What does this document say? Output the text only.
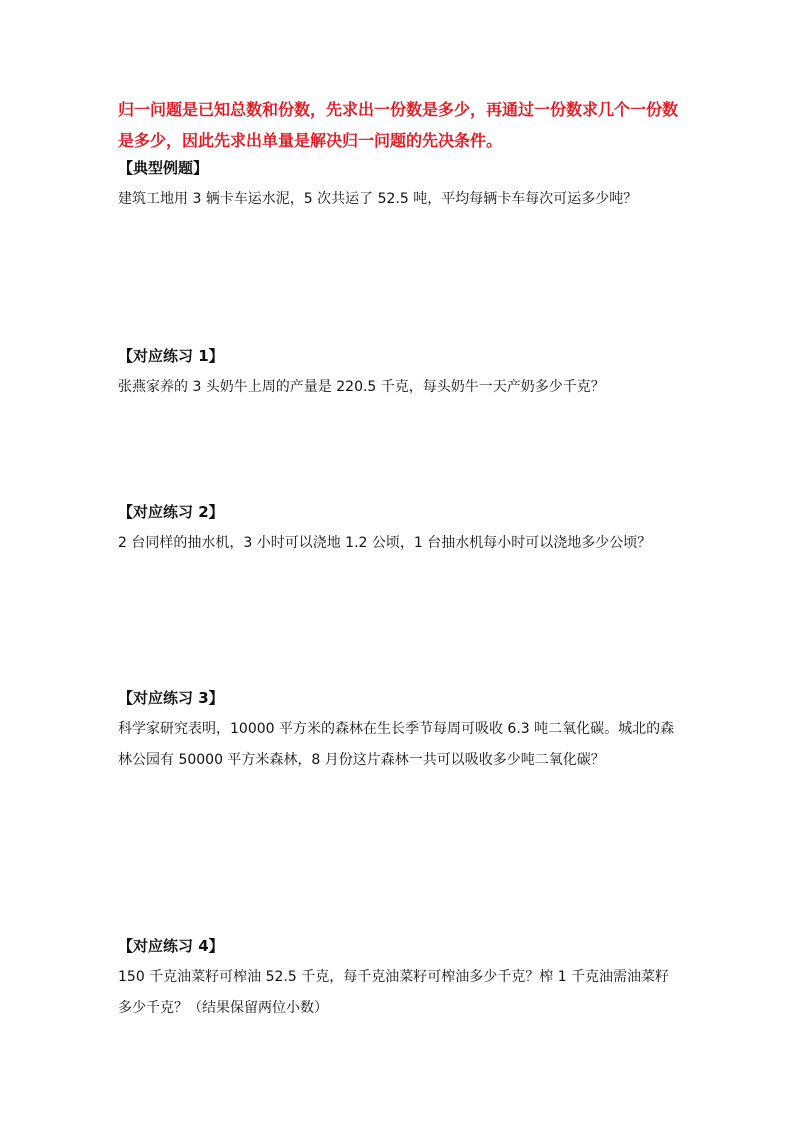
归一问题是已知总数和份数，先求出一份数是多少，再通过一份数求几个一份数是多少，因此先求出单量是解决归一问题的先决条件。
【典型例题】
建筑工地用 3 辆卡车运水泥，5 次共运了 52.5 吨，平均每辆卡车每次可运多少吨？
【对应练习 1】
张燕家养的 3 头奶牛上周的产量是 220.5 千克，每头奶牛一天产奶多少千克？
【对应练习 2】
2 台同样的抽水机，3 小时可以浇地 1.2 公顷，1 台抽水机每小时可以浇地多少公顷？
【对应练习 3】
科学家研究表明，10000 平方米的森林在生长季节每周可吸收 6.3 吨二氧化碳。城北的森林公园有 50000 平方米森林，8 月份这片森林一共可以吸收多少吨二氧化碳？
【对应练习 4】
150 千克油菜籽可榨油 52.5 千克，每千克油菜籽可榨油多少千克？榨 1 千克油需油菜籽多少千克？（结果保留两位小数）
